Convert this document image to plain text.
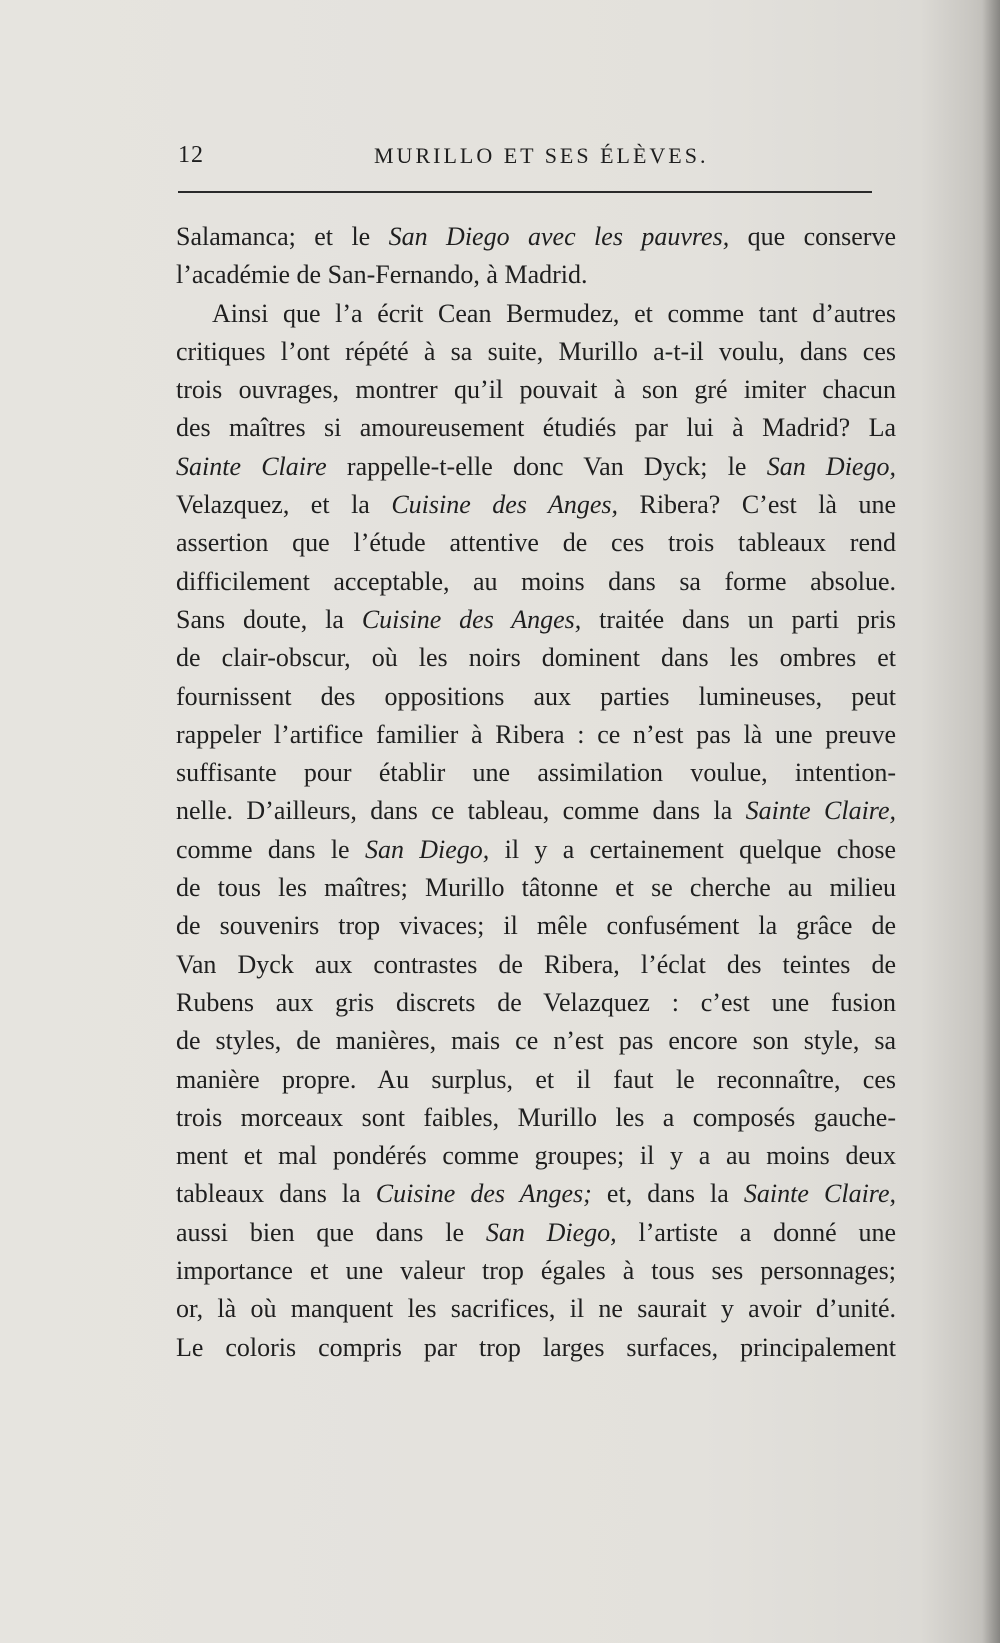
12	MURILLO ET SES ÉLÈVES.
Salamanca; et le San Diego avec les pauvres, que conserve
l’académie de San-Fernando, à Madrid.
Ainsi que l’a écrit Cean Bermudez, et comme tant d’autres
critiques l’ont répété à sa suite, Murillo a-t-il voulu, dans ces
trois ouvrages, montrer qu’il pouvait à son gré imiter chacun
des maîtres si amoureusement étudiés par lui à Madrid? La
Sainte Claire rappelle-t-elle donc Van Dyck; le San Diego,
Velazquez, et la Cuisine des Anges, Ribera? C’est là une
assertion que l’étude attentive de ces trois tableaux rend
difficilement acceptable, au moins dans sa forme absolue.
Sans doute, la Cuisine des Anges, traitée dans un parti pris
de clair-obscur, où les noirs dominent dans les ombres et
fournissent des oppositions aux parties lumineuses, peut
rappeler l’artifice familier à Ribera : ce n’est pas là une preuve
suffisante pour établir une assimilation voulue, intention-
nelle. D’ailleurs, dans ce tableau, comme dans la Sainte Claire,
comme dans le San Diego, il y a certainement quelque chose
de tous les maîtres; Murillo tâtonne et se cherche au milieu
de souvenirs trop vivaces; il mêle confusément la grâce de
Van Dyck aux contrastes de Ribera, l’éclat des teintes de
Rubens aux gris discrets de Velazquez : c’est une fusion
de styles, de manières, mais ce n’est pas encore son style, sa
manière propre. Au surplus, et il faut le reconnaître, ces
trois morceaux sont faibles, Murillo les a composés gauche-
ment et mal pondérés comme groupes; il y a au moins deux
tableaux dans la Cuisine des Anges; et, dans la Sainte Claire,
aussi bien que dans le San Diego, l’artiste a donné une
importance et une valeur trop égales à tous ses personnages;
or, là où manquent les sacrifices, il ne saurait y avoir d’unité.
Le coloris compris par trop larges surfaces, principalement
